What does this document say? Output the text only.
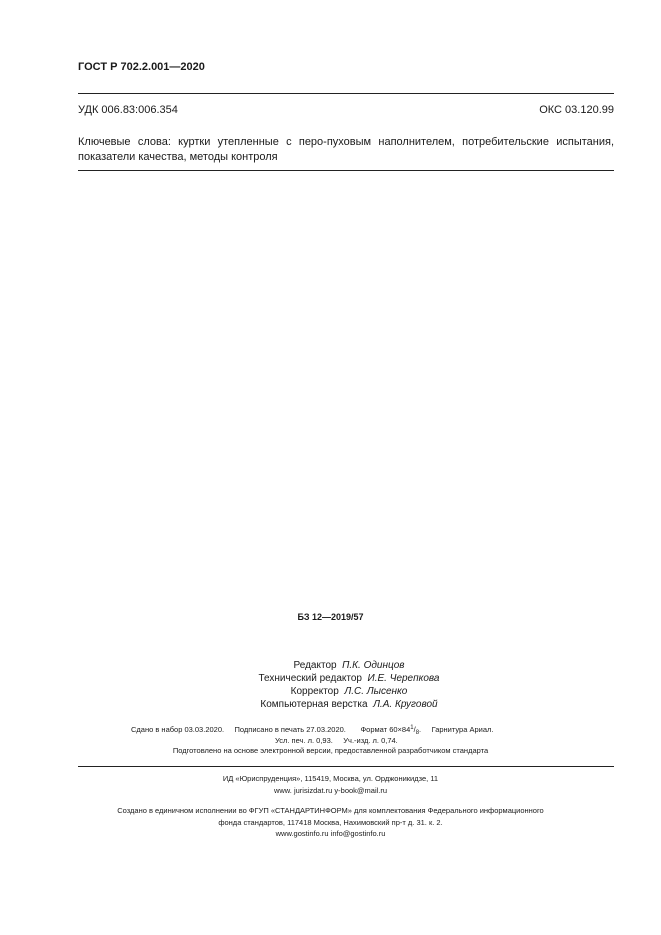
ГОСТ Р 702.2.001—2020
УДК 006.83:006.354	ОКС 03.120.99
Ключевые слова: куртки утепленные с перо-пуховым наполнителем, потребительские испытания, показатели качества, методы контроля
БЗ 12—2019/57
Редактор П.К. Одинцов
Технический редактор И.Е. Черепкова
Корректор Л.С. Лысенко
Компьютерная верстка Л.А. Круговой
Сдано в набор 03.03.2020. Подписано в печать 27.03.2020. Формат $60\times 84^1/_8$.     Гарнитура Ариал.
Усл. печ. л. 0,93. Уч.-изд. л. 0,74.
Подготовлено на основе электронной версии, предоставленной разработчиком стандарта
ИД «Юриспруденция», 115419, Москва, ул. Орджоникидзе, 11
www. jurisizdat.ru y-book@mail.ru
Создано в единичном исполнении во ФГУП «СТАНДАРТИНФОРМ» для комплектования Федерального информационного
фонда стандартов, 117418 Москва, Нахимовский пр-т д. 31. к. 2.
www.gostinfo.ru info@gostinfo.ru
